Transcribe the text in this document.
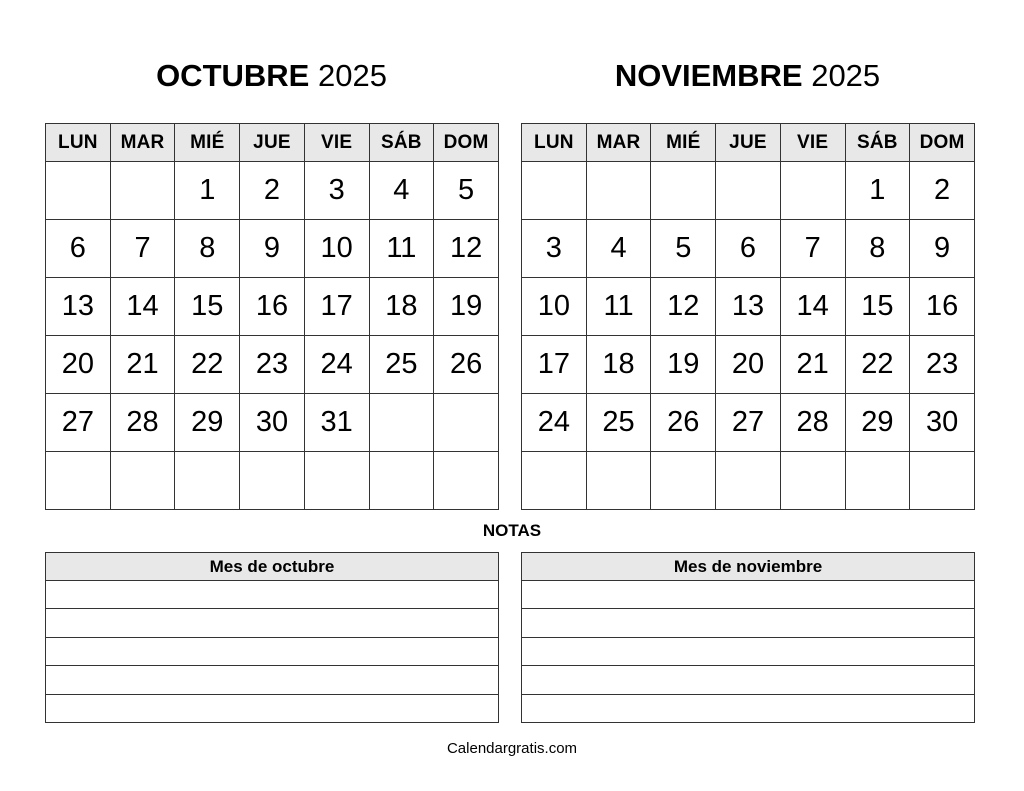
OCTUBRE 2025	NOVIEMBRE 2025
LUN	MAR	MIÉ	JUE	VIE	SÁB	DOM
		1	2	3	4	5
6	7	8	9	10	11	12
13	14	15	16	17	18	19
20	21	22	23	24	25	26
27	28	29	30	31		

LUN	MAR	MIÉ	JUE	VIE	SÁB	DOM
					1	2
3	4	5	6	7	8	9
10	11	12	13	14	15	16
17	18	19	20	21	22	23
24	25	26	27	28	29	30

NOTAS
Mes de octubre	Mes de noviembre

Calendargratis.com
